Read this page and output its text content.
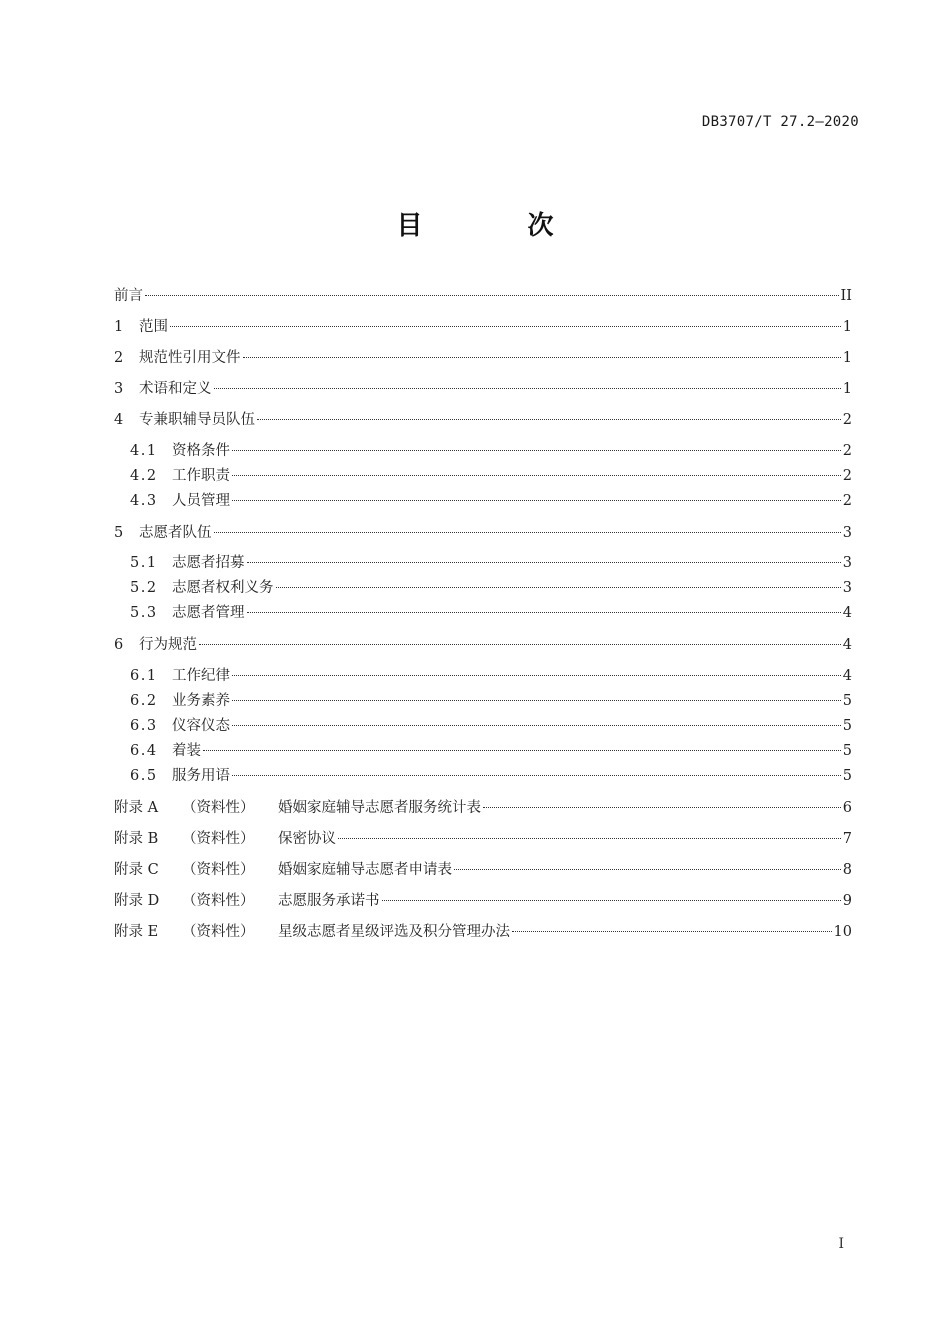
DB3707/T 27.2—2020
目 次
前言	II
1	范围	1
2	规范性引用文件	1
3	术语和定义	1
4	专兼职辅导员队伍	2
4.1 资格条件	2
4.2 工作职责	2
4.3 人员管理	2
5	志愿者队伍	3
5.1 志愿者招募	3
5.2 志愿者权利义务	3
5.3 志愿者管理	4
6	行为规范	4
6.1 工作纪律	4
6.2 业务素养	5
6.3 仪容仪态	5
6.4 着装	5
6.5 服务用语	5
附录 A	（资料性）	婚姻家庭辅导志愿者服务统计表	6
附录 B	（资料性）	保密协议	7
附录 C	（资料性）	婚姻家庭辅导志愿者申请表	8
附录 D	（资料性）	志愿服务承诺书	9
附录 E	（资料性）	星级志愿者星级评选及积分管理办法	10
I
